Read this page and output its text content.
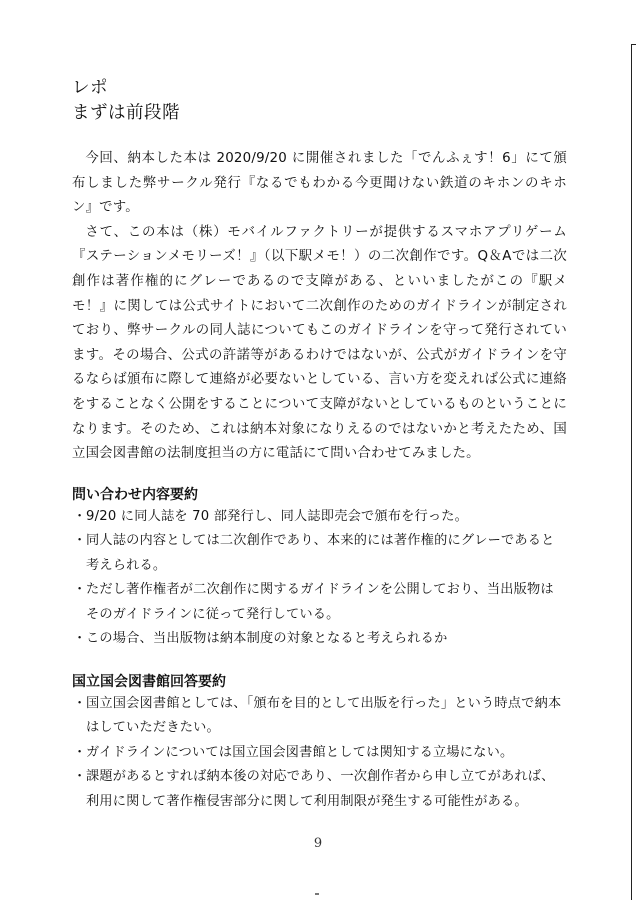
レポ

まずは前段階

今回、納本した本は 2020/9/20 に開催されました「でんふぇす！6」にて頒布しました弊サークル発行『なるでもわかる今更聞けない鉄道のキホンのキホン』です。

さて、この本は（株）モバイルファクトリーが提供するスマホアプリゲーム『ステーションメモリーズ！』（以下駅メモ！）の二次創作です。Q＆Aでは二次創作は著作権的にグレーであるので支障がある、といいましたがこの『駅メモ！』に関しては公式サイトにおいて二次創作のためのガイドラインが制定されており、弊サークルの同人誌についてもこのガイドラインを守って発行されています。その場合、公式の許諾等があるわけではないが、公式がガイドラインを守るならば頒布に際して連絡が必要ないとしている、言い方を変えれば公式に連絡をすることなく公開をすることについて支障がないとしているものということになります。そのため、これは納本対象になりえるのではないかと考えたため、国立国会図書館の法制度担当の方に電話にて問い合わせてみました。

問い合わせ内容要約

・ 9/20 に同人誌を 70 部発行し、同人誌即売会で頒布を行った。
・ 同人誌の内容としては二次創作であり、本来的には著作権的にグレーであると考えられる。
・ ただし著作権者が二次創作に関するガイドラインを公開しており、当出版物はそのガイドラインに従って発行している。
・ この場合、当出版物は納本制度の対象となると考えられるか

国立国会図書館回答要約

・ 国立国会図書館としては、「頒布を目的として出版を行った」という時点で納本はしていただきたい。
・ ガイドラインについては国立国会図書館としては関知する立場にない。
・ 課題があるとすれば納本後の対応であり、一次創作者から申し立てがあれば、利用に関して著作権侵害部分に関して利用制限が発生する可能性がある。
9
